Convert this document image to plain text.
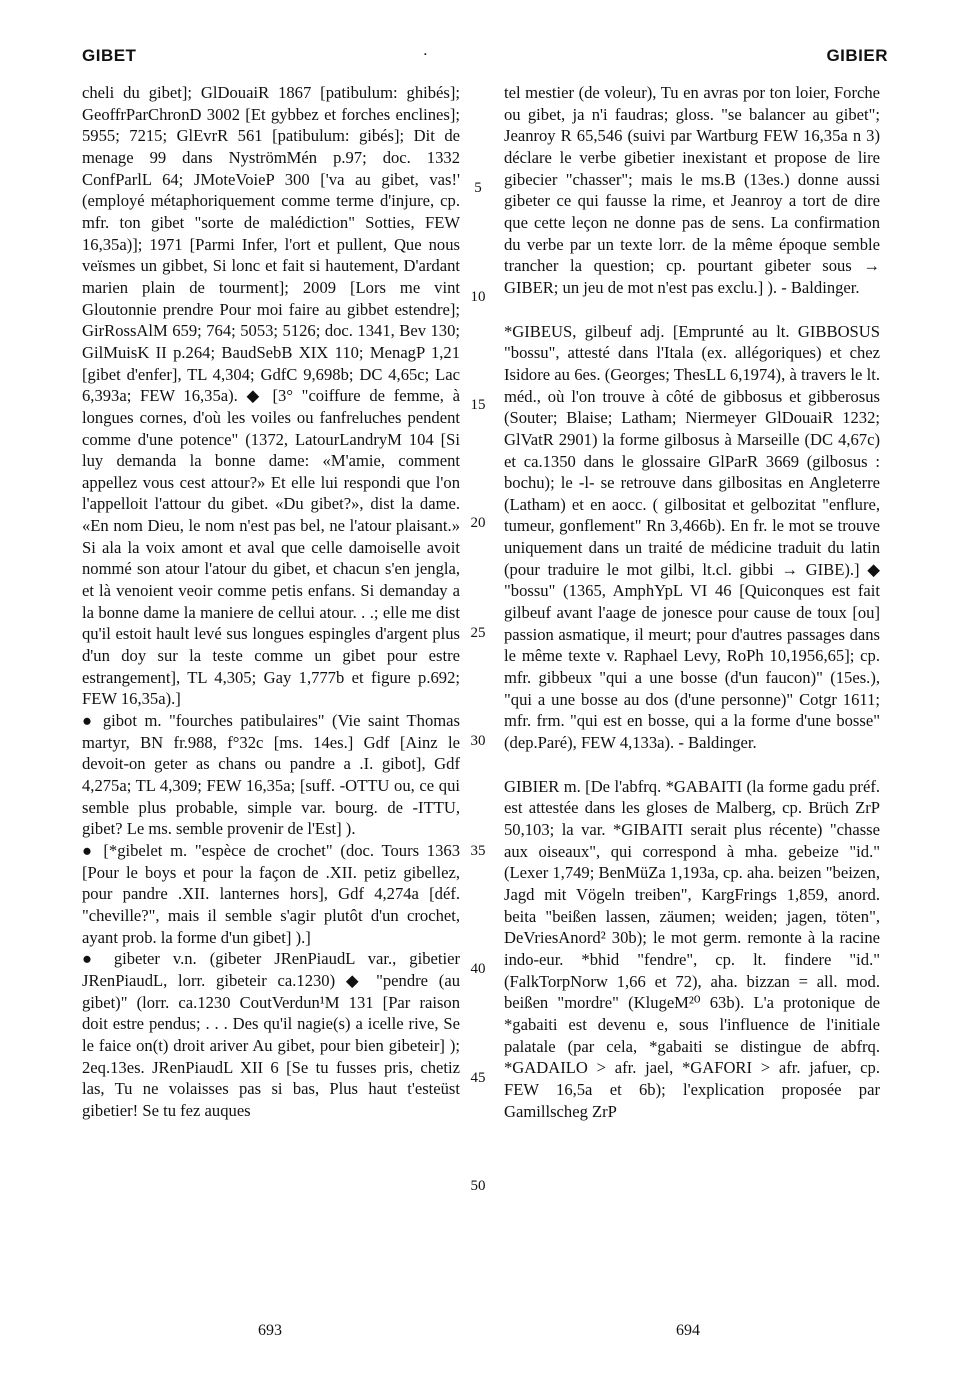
GIBET	.	GIBIER

cheli du gibet]; GlDouaiR 1867 [patibulum: ghibés]; GeoffrParChronD 3002 [Et gybbez et forches enclines]; 5955; 7215; GlEvrR 561 [patibulum: gibés]; Dit de menage 99 dans NyströmMén p.97; doc. 1332 ConfParlL 64; JMoteVoieP 300 ['va au gibet, vas!' (employé métaphoriquement comme terme d'injure, cp. mfr. ton gibet "sorte de malédiction" Sotties, FEW 16,35a)]; 1971 [Parmi Infer, l'ort et pullent, Que nous veïsmes un gibbet, Si lonc et fait si hautement, D'ardant marien plain de tourment]; 2009 [Lors me vint Gloutonnie prendre Pour moi faire au gibbet estendre]; GirRossAlM 659; 764; 5053; 5126; doc. 1341, Bev 130; GilMuisK II p.264; BaudSebB XIX 110; MenagP 1,21 [gibet d'enfer], TL 4,304; GdfC 9,698b; DC 4,65c; Lac 6,393a; FEW 16,35a). ◆ [3° "coiffure de femme, à longues cornes, d'où les voiles ou fanfreluches pendent comme d'une potence" (1372, LatourLandryM 104 [Si luy demanda la bonne dame: «M'amie, comment appellez vous cest attour?» Et elle lui respondi que l'on l'appelloit l'attour du gibet. «Du gibet?», dist la dame. «En nom Dieu, le nom n'est pas bel, ne l'atour plaisant.» Si ala la voix amont et aval que celle damoiselle avoit nommé son atour l'atour du gibet, et chacun s'en jengla, et là venoient veoir comme petis enfans. Si demanday a la bonne dame la maniere de cellui atour. . .; elle me dist qu'il estoit hault levé sus longues espingles d'argent plus d'un doy sur la teste comme un gibet pour estre estrangement], TL 4,305; Gay 1,777b et figure p.692; FEW 16,35a).]

● gibot m. "fourches patibulaires" (Vie saint Thomas martyr, BN fr.988, f°32c [ms. 14es.] Gdf [Ainz le devoit-on geter as chans ou pandre a .I. gibot], Gdf 4,275a; TL 4,309; FEW 16,35a; [suff. -OTTU ou, ce qui semble plus probable, simple var. bourg. de -ITTU, gibet? Le ms. semble provenir de l'Est] ).

● [*gibelet m. "espèce de crochet" (doc. Tours 1363 [Pour le boys et pour la façon de .XII. petiz gibellez, pour pandre .XII. lanternes hors], Gdf 4,274a [déf. "cheville?", mais il semble s'agir plutôt d'un crochet, ayant prob. la forme d'un gibet] ).]

● gibeter v.n. (gibeter JRenPiaudL var., gibetier JRenPiaudL, lorr. gibeteir ca.1230) ◆ "pendre (au gibet)" (lorr. ca.1230 CoutVerdun¹M 131 [Par raison doit estre pendus; . . . Des qu'il nagie(s) a icelle rive, Se le faice on(t) droit ariver Au gibet, pour bien gibeteir] ); 2eq.13es. JRenPiaudL XII 6 [Se tu fusses pris, chetiz las, Tu ne volaisses pas si bas, Plus haut t'esteüst gibetier! Se tu fez auques

tel mestier (de voleur), Tu en avras por ton loier, Forche ou gibet, ja n'i faudras; gloss. "se balancer au gibet"; Jeanroy R 65,546 (suivi par Wartburg FEW 16,35a n 3) déclare le verbe gibetier inexistant et propose de lire gibecier "chasser"; mais le ms.B (13es.) donne aussi gibeter ce qui fausse la rime, et Jeanroy a tort de dire que cette leçon ne donne pas de sens. La confirmation du verbe par un texte lorr. de la même époque semble trancher la question; cp. pourtant gibeter sous → GIBER; un jeu de mot n'est pas exclu.] ). - Baldinger.

*GIBEUS, gilbeuf adj. [Emprunté au lt. GIBBOSUS "bossu", attesté dans l'Itala (ex. allégoriques) et chez Isidore au 6es. (Georges; ThesLL 6,1974), à travers le lt. méd., où l'on trouve à côté de gibbosus et gibberosus (Souter; Blaise; Latham; Niermeyer GlDouaiR 1232; GlVatR 2901) la forme gilbosus à Marseille (DC 4,67c) et ca.1350 dans le glossaire GlParR 3669 (gilbosus : bochu); le -l- se retrouve dans gilbositas en Angleterre (Latham) et en aocc. ( gilbositat et gelbozitat "enflure, tumeur, gonflement" Rn 3,466b). En fr. le mot se trouve uniquement dans un traité de médicine traduit du latin (pour traduire le mot gilbi, lt.cl. gibbi → GIBE).] ◆ "bossu" (1365, AmphYpL VI 46 [Quiconques est fait gilbeuf avant l'aage de jonesce pour cause de toux [ou] passion asmatique, il meurt; pour d'autres passages dans le même texte v. Raphael Levy, RoPh 10,1956,65]; cp. mfr. gibbeux "qui a une bosse (d'un faucon)" (15es.), "qui a une bosse au dos (d'une personne)" Cotgr 1611; mfr. frm. "qui est en bosse, qui a la forme d'une bosse" (dep.Paré), FEW 4,133a). - Baldinger.

GIBIER m. [De l'abfrq. *GABAITI (la forme gadu préf. est attestée dans les gloses de Malberg, cp. Brüch ZrP 50,103; la var. *GIBAITI serait plus récente) "chasse aux oiseaux", qui correspond à mha. gebeize "id." (Lexer 1,749; BenMüZa 1,193a, cp. aha. beizen "beizen, Jagd mit Vögeln treiben", KargFrings 1,859, anord. beita "beißen lassen, zäumen; weiden; jagen, töten", DeVriesAnord² 30b); le mot germ. remonte à la racine indo-eur. *bhid "fendre", cp. lt. findere "id." (FalkTorpNorw 1,66 et 72), aha. bizzan = all. mod. beißen "mordre" (KlugeM²⁰ 63b). L'a protonique de *gabaiti est devenu e, sous l'influence de l'initiale palatale (par cela, *gabaiti se distingue de abfrq. *GADAILO > afr. jael, *GAFORI > afr. jafuer, cp. FEW 16,5a et 6b); l'explication proposée par Gamillscheg ZrP

5
10
15
20
25
30
35
40
45
50
693	694
